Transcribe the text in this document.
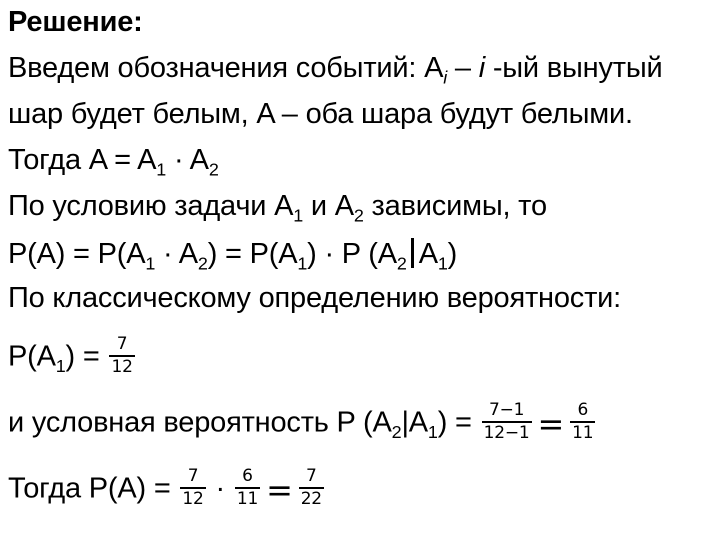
Решение:
Введем обозначения событий: $A_i$ – i -ый вынутый
шар будет белым, A – оба шара будут белыми.
Тогда $A = A_1 \cdot A_2$
По условию задачи $A_1$ и $A_2$ зависимы, то
$P(A) = P(A_1 \cdot A_2) = P(A_1) \cdot P$ ($A_2$ $A_1$)
По классическому определению вероятности:
$P(A_1) = \frac{7}{12}$
и условная вероятность P $(A_2|A_1) = \frac{7-1}{12-1} = \frac{6}{11}$
Тогда $P(A) = \frac{7}{12} \cdot \frac{6}{11} = \frac{7}{22}$
